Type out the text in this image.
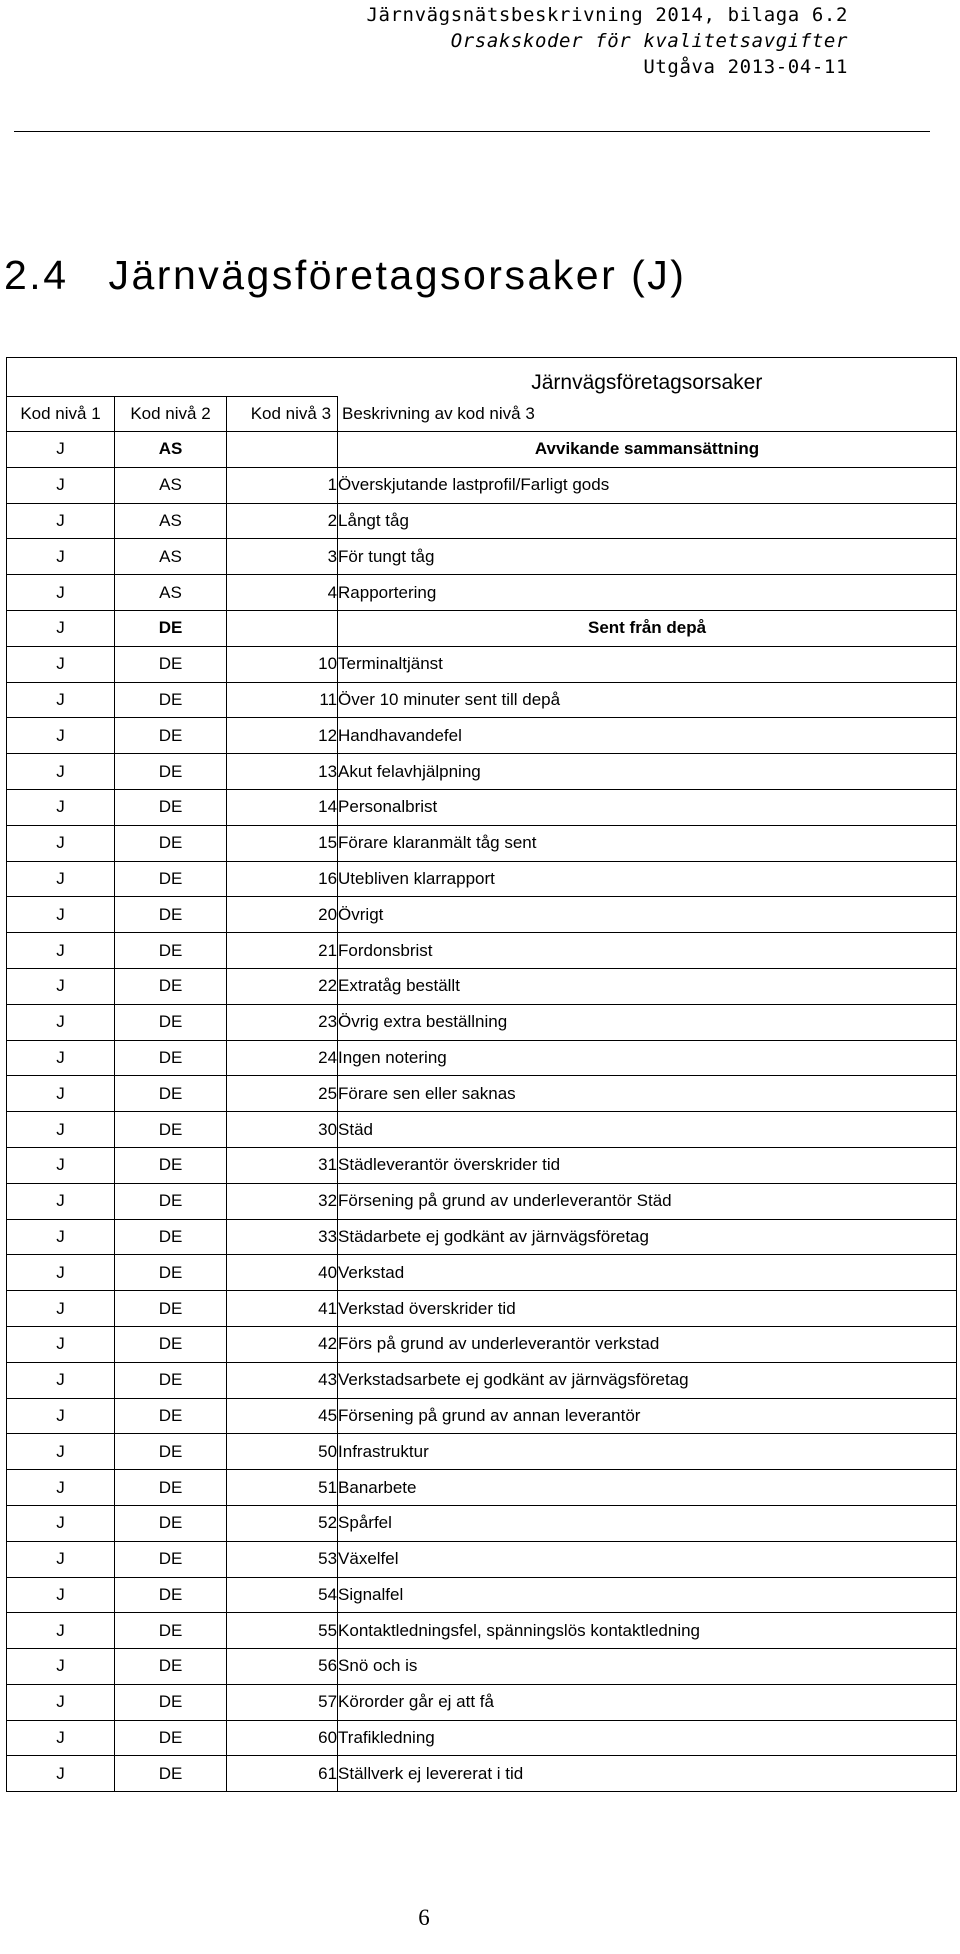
Järnvägsnätsbeskrivning 2014, bilaga 6.2
Orsakskoder för kvalitetsavgifter
Utgåva 2013-04-11
2.4 Järnvägsföretagsorsaker (J)
			Järnvägsföretagsorsaker
Kod nivå 1	Kod nivå 2	Kod nivå 3	Beskrivning av kod nivå 3
J	AS		Avvikande sammansättning
J	AS	1	Överskjutande lastprofil/Farligt gods
J	AS	2	Långt tåg
J	AS	3	För tungt tåg
J	AS	4	Rapportering
J	DE		Sent från depå
J	DE	10	Terminaltjänst
J	DE	11	Över 10 minuter sent till depå
J	DE	12	Handhavandefel
J	DE	13	Akut felavhjälpning
J	DE	14	Personalbrist
J	DE	15	Förare klaranmält tåg sent
J	DE	16	Utebliven klarrapport
J	DE	20	Övrigt
J	DE	21	Fordonsbrist
J	DE	22	Extratåg beställt
J	DE	23	Övrig extra beställning
J	DE	24	Ingen notering
J	DE	25	Förare sen eller saknas
J	DE	30	Städ
J	DE	31	Städleverantör överskrider tid
J	DE	32	Försening på grund av underleverantör Städ
J	DE	33	Städarbete ej godkänt av järnvägsföretag
J	DE	40	Verkstad
J	DE	41	Verkstad överskrider tid
J	DE	42	Förs på grund av underleverantör verkstad
J	DE	43	Verkstadsarbete ej godkänt av järnvägsföretag
J	DE	45	Försening på grund av annan leverantör
J	DE	50	Infrastruktur
J	DE	51	Banarbete
J	DE	52	Spårfel
J	DE	53	Växelfel
J	DE	54	Signalfel
J	DE	55	Kontaktledningsfel, spänningslös kontaktledning
J	DE	56	Snö och is
J	DE	57	Körorder går ej att få
J	DE	60	Trafikledning
J	DE	61	Ställverk ej levererat i tid
6
